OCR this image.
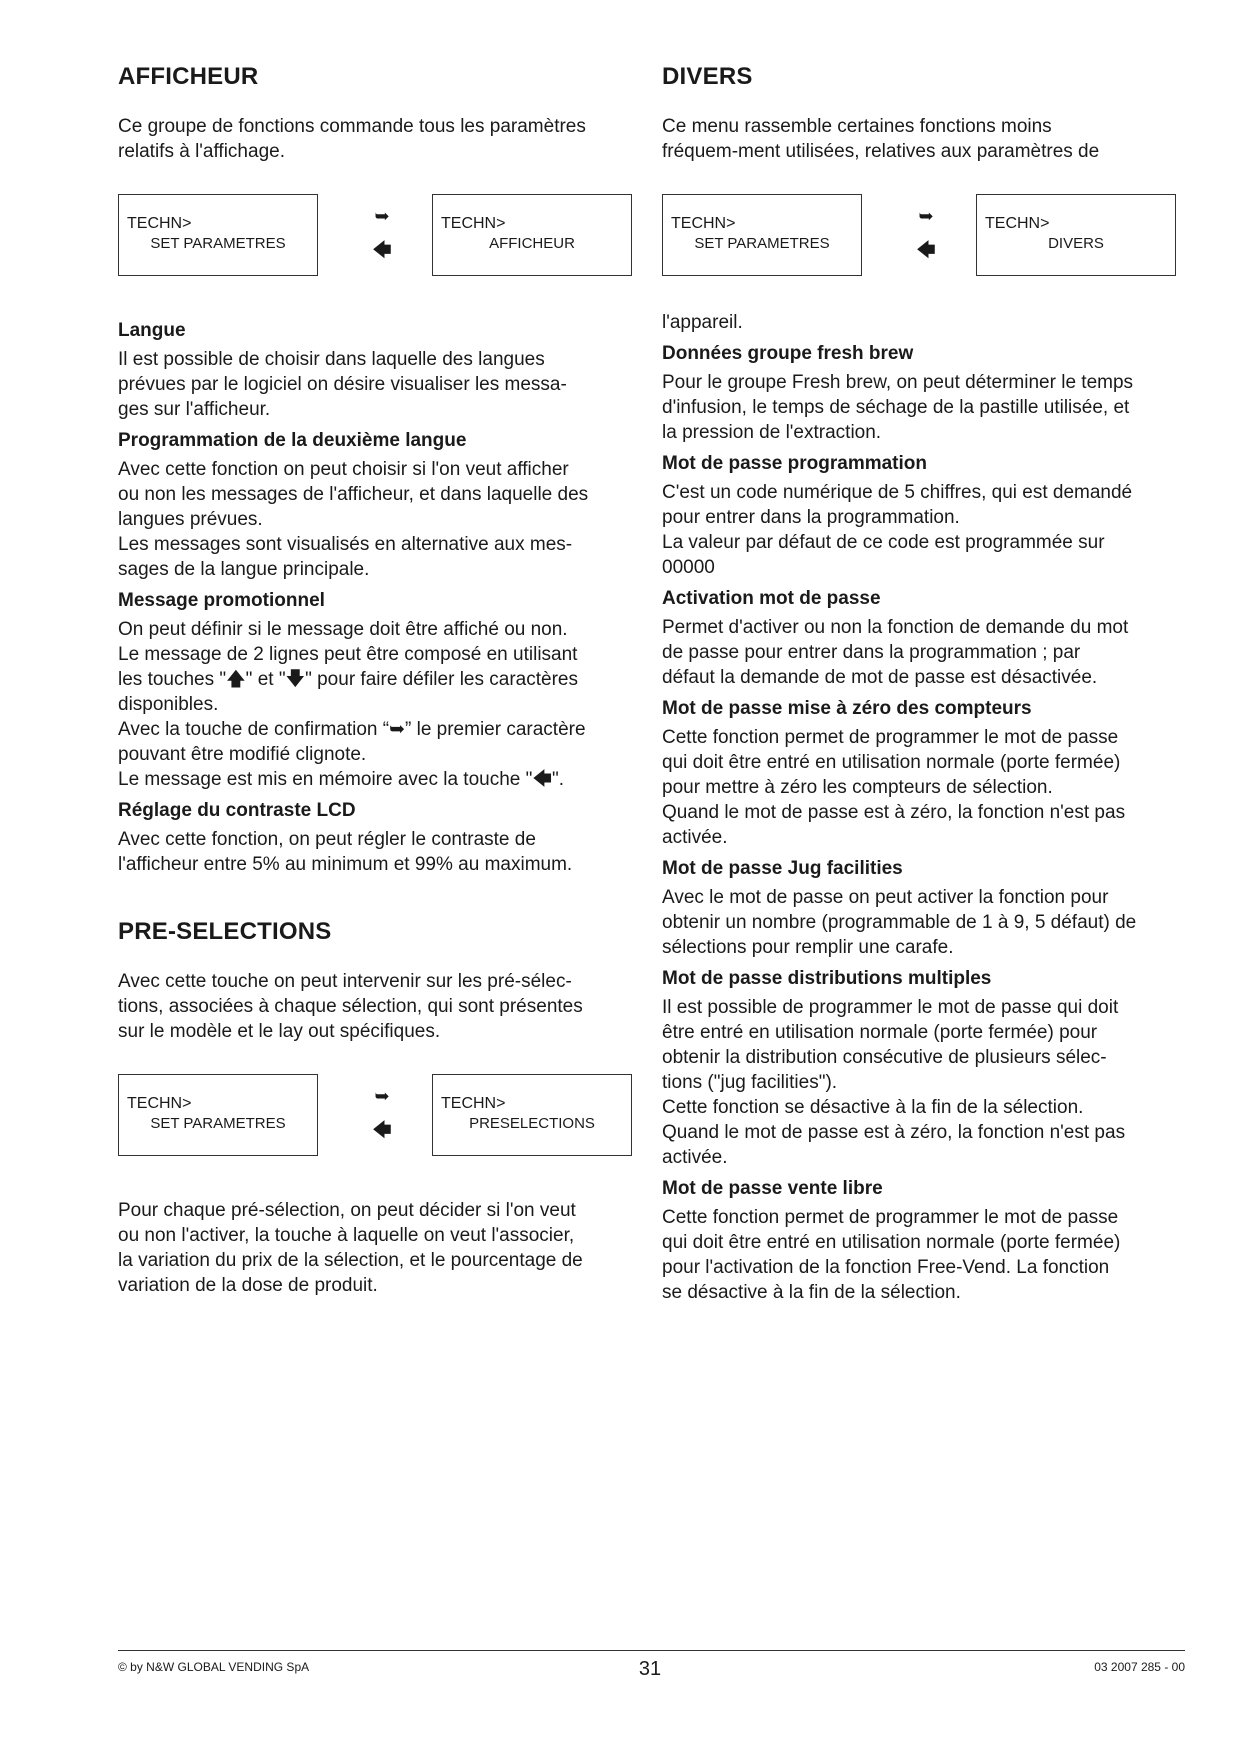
AFFICHEUR

Ce groupe de fonctions commande tous les paramètres
relatifs à l'affichage.

TECHN>
SET PARAMETRES
➥
🡄
TECHN>
AFFICHEUR
Langue

Il est possible de choisir dans laquelle des langues
prévues par le logiciel on désire visualiser les messa-
ges sur l'afficheur.

Programmation de la deuxième langue

Avec cette fonction on peut choisir si l'on veut afficher
ou non les messages de l'afficheur, et dans laquelle des
langues prévues.
Les messages sont visualisés en alternative aux mes-
sages de la langue principale.

Message promotionnel

On peut définir si le message doit être affiché ou non.
Le message de 2 lignes peut être composé en utilisant
les touches "🡅" et "🡇" pour faire défiler les caractères
disponibles.
Avec la touche de confirmation “➥” le premier caractère
pouvant être modifié clignote.
Le message est mis en mémoire avec la touche "🡄".

Réglage du contraste LCD

Avec cette fonction, on peut régler le contraste de
l'afficheur entre 5% au minimum et 99% au maximum.

PRE-SELECTIONS

Avec cette touche on peut intervenir sur les pré-sélec-
tions, associées à chaque sélection, qui sont présentes
sur le modèle et le lay out spécifiques.

TECHN>
SET PARAMETRES
➥
🡄
TECHN>
PRESELECTIONS

Pour chaque pré-sélection, on peut décider si l'on veut
ou non l'activer, la touche à laquelle on veut l'associer,
la variation du prix de la sélection, et le pourcentage de
variation de la dose de produit.

DIVERS

Ce menu rassemble certaines fonctions moins
fréquem-ment utilisées, relatives aux paramètres de

TECHN>
SET PARAMETRES
➥
🡄
TECHN>
DIVERS

l'appareil.

Données groupe fresh brew

Pour le groupe Fresh brew, on peut déterminer le temps
d'infusion, le temps de séchage de la pastille utilisée, et
la pression de l'extraction.

Mot de passe programmation

C'est un code numérique de 5 chiffres, qui est demandé
pour entrer dans la programmation.
La valeur par défaut de ce code est programmée sur
00000

Activation mot de passe

Permet d'activer ou non la fonction de demande du mot
de passe pour entrer dans la programmation ; par
défaut la demande de mot de passe est désactivée.

Mot de passe mise à zéro des compteurs

Cette fonction permet de programmer le mot de passe
qui doit être entré en utilisation normale (porte fermée)
pour mettre à zéro les compteurs de sélection.
Quand le mot de passe est à zéro, la fonction n'est pas
activée.

Mot de passe Jug facilities

Avec le mot de passe on peut activer la fonction pour
obtenir un nombre (programmable de 1 à 9, 5 défaut) de
sélections pour remplir une carafe.

Mot de passe distributions multiples

Il est possible de programmer le mot de passe qui doit
être entré en utilisation normale (porte fermée) pour
obtenir la distribution consécutive de plusieurs sélec-
tions ("jug facilities").
Cette fonction se désactive à la fin de la sélection.
Quand le mot de passe est à zéro, la fonction n'est pas
activée.

Mot de passe vente libre

Cette fonction permet de programmer le mot de passe
qui doit être entré en utilisation normale (porte fermée)
pour l'activation de la fonction Free-Vend. La fonction
se désactive à la fin de la sélection.

© by N&W GLOBAL VENDING SpA	31	03 2007 285 - 00
